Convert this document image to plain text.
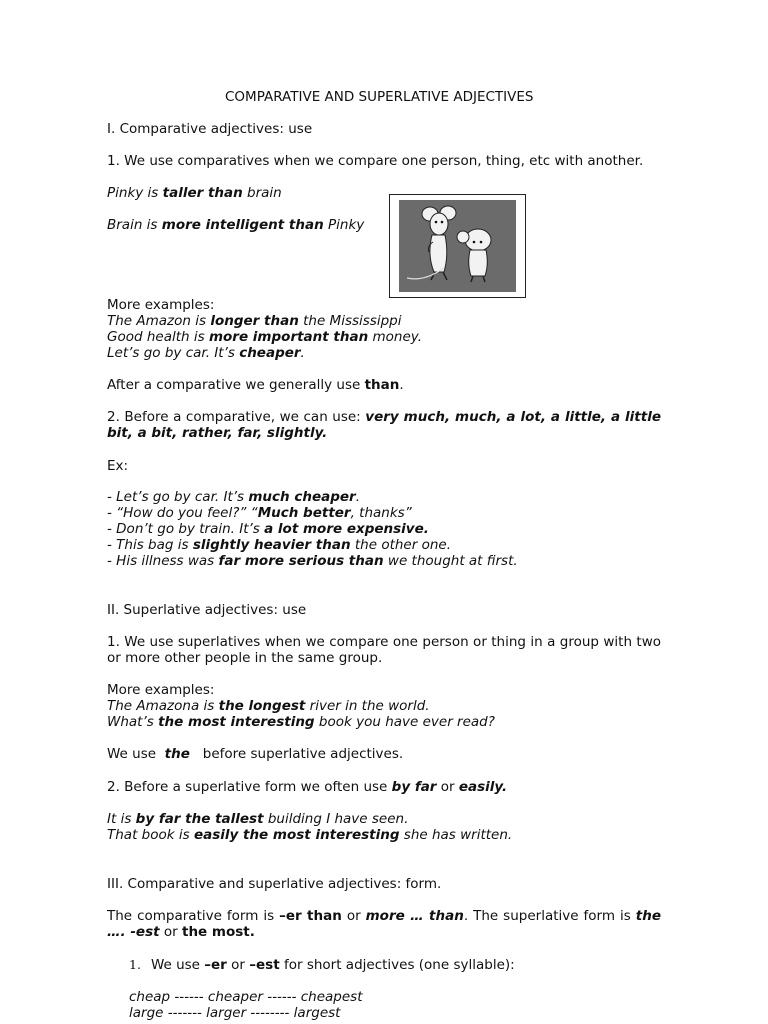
COMPARATIVE AND SUPERLATIVE ADJECTIVES
I. Comparative adjectives: use
1. We use comparatives when we compare one person, thing, etc with another.
Pinky is taller than brain
Brain is more intelligent than Pinky
More examples:
The Amazon is longer than the Mississippi
Good health is more important than money.
Let’s go by car. It’s cheaper.
After a comparative we generally use than.
2. Before a comparative, we can use: very much, much, a lot, a little, a little bit, a bit, rather, far, slightly.
Ex:
- Let’s go by car. It’s much cheaper.
- “How do you feel?” “Much better, thanks”
- Don’t go by train. It’s a lot more expensive.
- This bag is slightly heavier than the other one.
- His illness was far more serious than we thought at first.
II. Superlative adjectives: use
1. We use superlatives when we compare one person or thing in a group with two or more other people in the same group.
More examples:
The Amazona is the longest river in the world.
What’s the most interesting book you have ever read?
We use  the   before superlative adjectives.
2. Before a superlative form we often use by far or easily.
It is by far the tallest building I have seen.
That book is easily the most interesting she has written.
III. Comparative and superlative adjectives: form.
The comparative form is –er than or more … than. The superlative form is the …. -est or the most.
1. We use –er or –est for short adjectives (one syllable):
cheap ------ cheaper ------ cheapest
large ------- larger -------- largest
